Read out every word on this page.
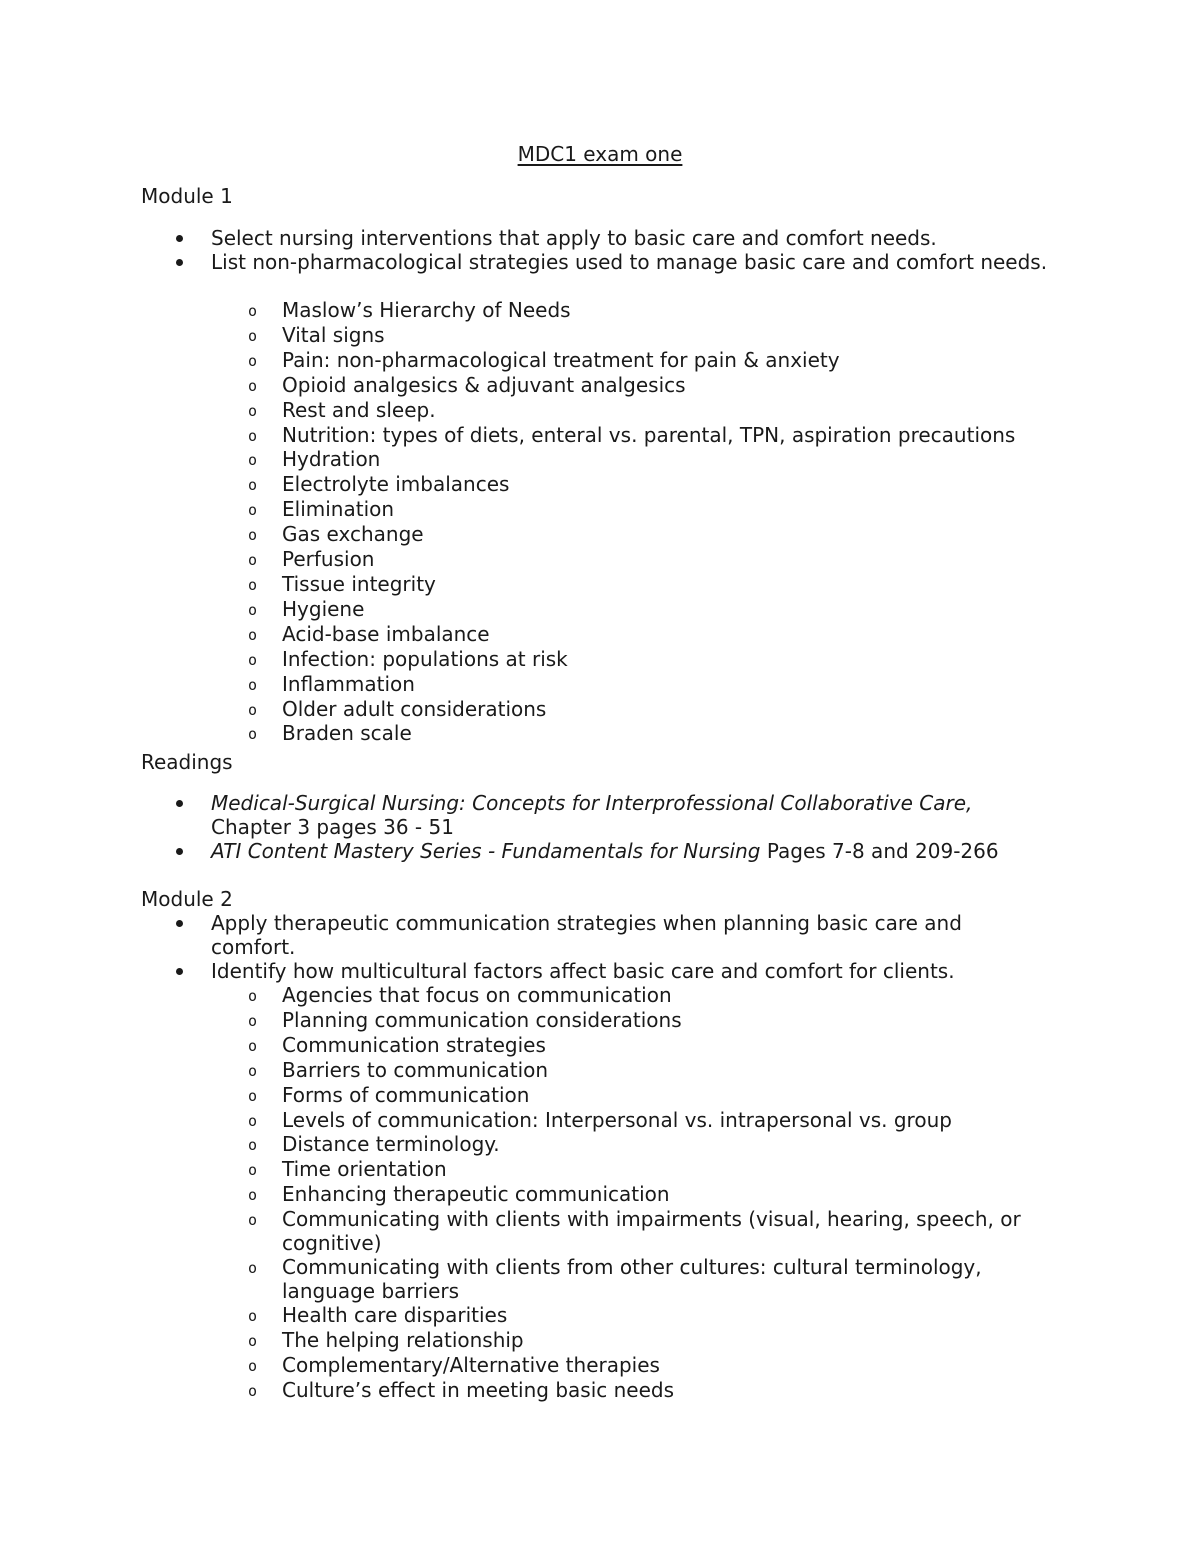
MDC1 exam one
Module 1
Select nursing interventions that apply to basic care and comfort needs.
List non-pharmacological strategies used to manage basic care and comfort needs.
o Maslow’s Hierarchy of Needs
o Vital signs
o Pain: non-pharmacological treatment for pain & anxiety
o Opioid analgesics & adjuvant analgesics
o Rest and sleep.
o Nutrition: types of diets, enteral vs. parental, TPN, aspiration precautions
o Hydration
o Electrolyte imbalances
o Elimination
o Gas exchange
o Perfusion
o Tissue integrity
o Hygiene
o Acid-base imbalance
o Infection: populations at risk
o Inflammation
o Older adult considerations
o Braden scale
Readings
Medical-Surgical Nursing: Concepts for Interprofessional Collaborative Care, Chapter 3 pages 36 - 51
ATI Content Mastery Series - Fundamentals for Nursing Pages 7-8 and 209-266
Module 2
Apply therapeutic communication strategies when planning basic care and comfort.
Identify how multicultural factors affect basic care and comfort for clients.
o Agencies that focus on communication
o Planning communication considerations
o Communication strategies
o Barriers to communication
o Forms of communication
o Levels of communication: Interpersonal vs. intrapersonal vs. group
o Distance terminology.
o Time orientation
o Enhancing therapeutic communication
o Communicating with clients with impairments (visual, hearing, speech, or cognitive)
o Communicating with clients from other cultures: cultural terminology, language barriers
o Health care disparities
o The helping relationship
o Complementary/Alternative therapies
o Culture’s effect in meeting basic needs
